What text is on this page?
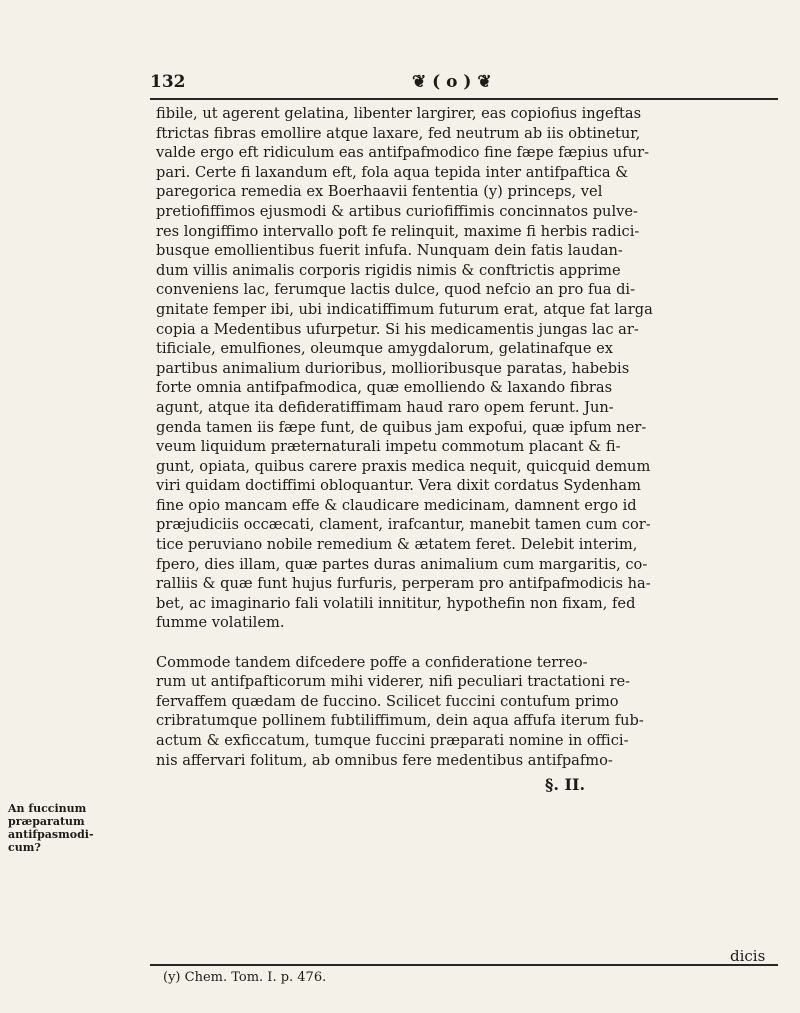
132	❦ ( o ) ❦
fibile, ut agerent gelatina, libenter largirer, eas copiofius ingeftas
ftrictas fibras emollire atque laxare, fed neutrum ab iis obtinetur,
valde ergo eft ridiculum eas antifpafmodico fine fæpe fæpius ufur-
pari. Certe fi laxandum eft, fola aqua tepida inter antifpaftica &
paregorica remedia ex Boerhaavii fententia (y) princeps, vel
pretiofiffimos ejusmodi & artibus curiofiffimis concinnatos pulve-
res longiffimo intervallo poft fe relinquit, maxime fi herbis radici-
busque emollientibus fuerit infufa. Nunquam dein fatis laudan-
dum villis animalis corporis rigidis nimis & conftrictis apprime
conveniens lac, ferumque lactis dulce, quod nefcio an pro fua di-
gnitate femper ibi, ubi indicatiffimum futurum erat, atque fat larga
copia a Medentibus ufurpetur. Si his medicamentis jungas lac ar-
tificiale, emulfiones, oleumque amygdalorum, gelatinafque ex
partibus animalium durioribus, mollioribusque paratas, habebis
forte omnia antifpafmodica, quæ emolliendo & laxando fibras
agunt, atque ita defideratiffimam haud raro opem ferunt. Jun-
genda tamen iis fæpe funt, de quibus jam expofui, quæ ipfum ner-
veum liquidum præternaturali impetu commotum placant & fi-
gunt, opiata, quibus carere praxis medica nequit, quicquid demum
viri quidam doctiffimi obloquantur. Vera dixit cordatus Sydenham
fine opio mancam effe & claudicare medicinam, damnent ergo id
præjudiciis occæcati, clament, irafcantur, manebit tamen cum cor-
tice peruviano nobile remedium & ætatem feret. Delebit interim,
fpero, dies illam, quæ partes duras animalium cum margaritis, co-
ralliis & quæ funt hujus furfuris, perperam pro antifpafmodicis ha-
bet, ac imaginario fali volatili innititur, hypothefin non fixam, fed
fumme volatilem.
Commode tandem difcedere poffe a confideratione terreo-
rum ut antifpafticorum mihi viderer, nifi peculiari tractationi re-
fervaffem quædam de fuccino. Scilicet fuccini contufum primo
cribratumque pollinem fubtiliffimum, dein aqua affufa iterum fub-
actum & exficcatum, tumque fuccini præparati nomine in offici-
nis affervari folitum, ab omnibus fere medentibus antifpafmo-
§. II.
An fuccinum
præparatum
antifpasmodi-
cum?
dicis
(y) Chem. Tom. I. p. 476.
